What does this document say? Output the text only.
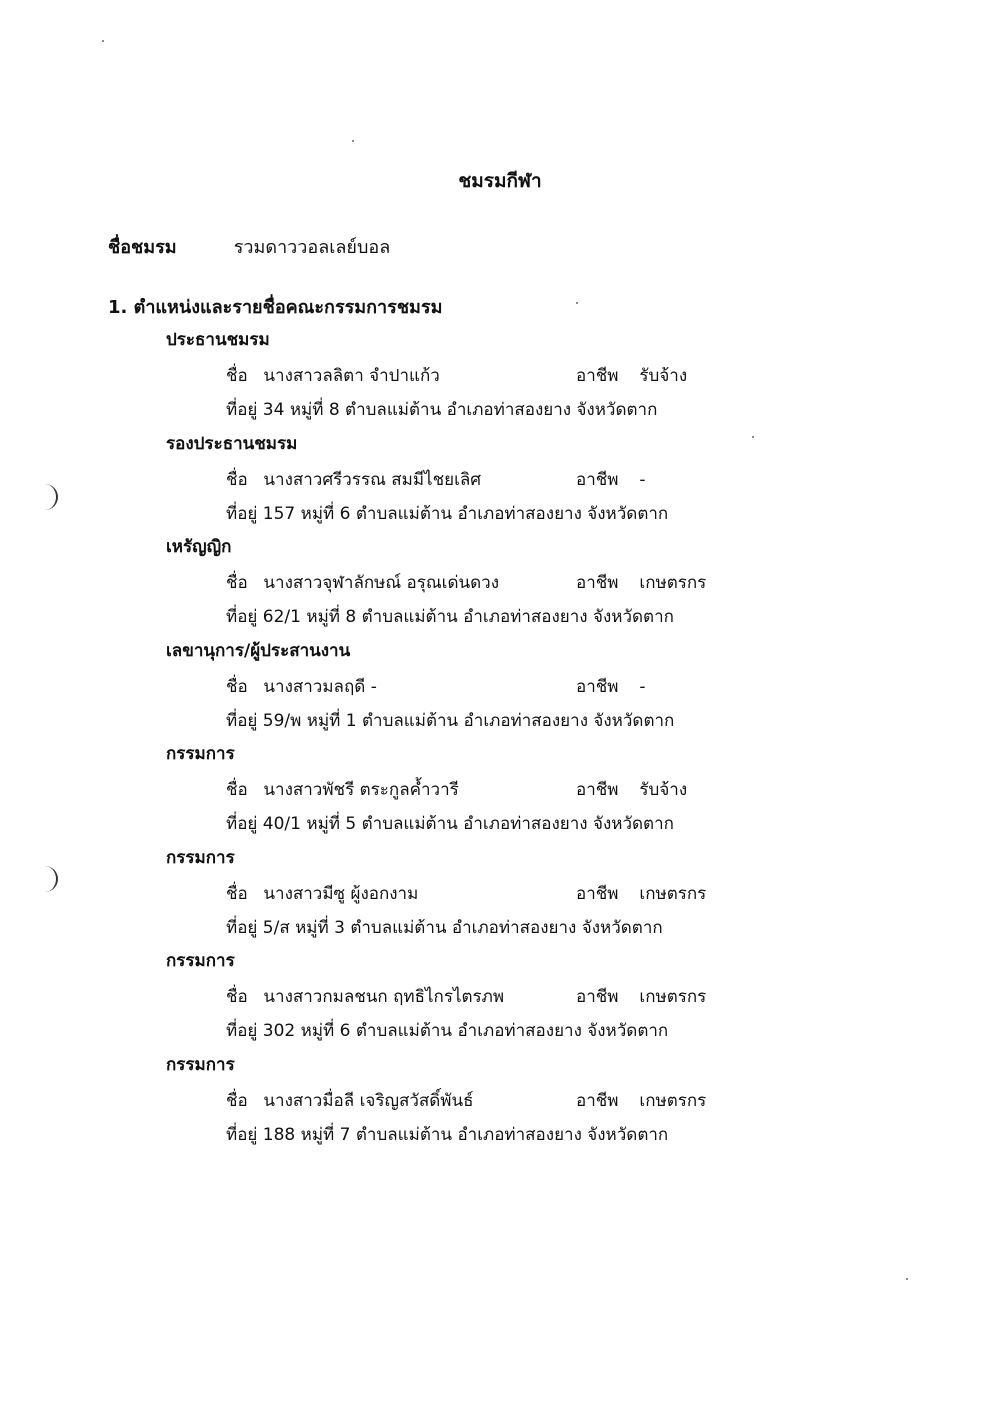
ชมรมกีฬา
ชื่อชมรม	รวมดาววอลเลย์บอล
1. ตำแหน่งและรายชื่อคณะกรรมการชมรม
ประธานชมรม
ชื่อ นางสาวลลิตา จำปาแก้ว	อาชีพ รับจ้าง
ที่อยู่ 34 หมู่ที่ 8 ตำบลแม่ต้าน อำเภอท่าสองยาง จังหวัดตาก
รองประธานชมรม
ชื่อ นางสาวศรีวรรณ สมมีไชยเลิศ	อาชีพ -
ที่อยู่ 157 หมู่ที่ 6 ตำบลแม่ต้าน อำเภอท่าสองยาง จังหวัดตาก
เหรัญญิก
ชื่อ นางสาวจุฬาลักษณ์ อรุณเด่นดวง	อาชีพ เกษตรกร
ที่อยู่ 62/1 หมู่ที่ 8 ตำบลแม่ต้าน อำเภอท่าสองยาง จังหวัดตาก
เลขานุการ/ผู้ประสานงาน
ชื่อ นางสาวมลฤดี -	อาชีพ -
ที่อยู่ 59/พ หมู่ที่ 1 ตำบลแม่ต้าน อำเภอท่าสองยาง จังหวัดตาก
กรรมการ
ชื่อ นางสาวพัชรี ตระกูลค้ำวารี	อาชีพ รับจ้าง
ที่อยู่ 40/1 หมู่ที่ 5 ตำบลแม่ต้าน อำเภอท่าสองยาง จังหวัดตาก
กรรมการ
ชื่อ นางสาวมีซู ผู้งอกงาม	อาชีพ เกษตรกร
ที่อยู่ 5/ส หมู่ที่ 3 ตำบลแม่ต้าน อำเภอท่าสองยาง จังหวัดตาก
กรรมการ
ชื่อ นางสาวกมลชนก ฤทธิไกรไตรภพ	อาชีพ เกษตรกร
ที่อยู่ 302 หมู่ที่ 6 ตำบลแม่ต้าน อำเภอท่าสองยาง จังหวัดตาก
กรรมการ
ชื่อ นางสาวมื่อลี เจริญสวัสดิ์พันธ์	อาชีพ เกษตรกร
ที่อยู่ 188 หมู่ที่ 7 ตำบลแม่ต้าน อำเภอท่าสองยาง จังหวัดตาก
